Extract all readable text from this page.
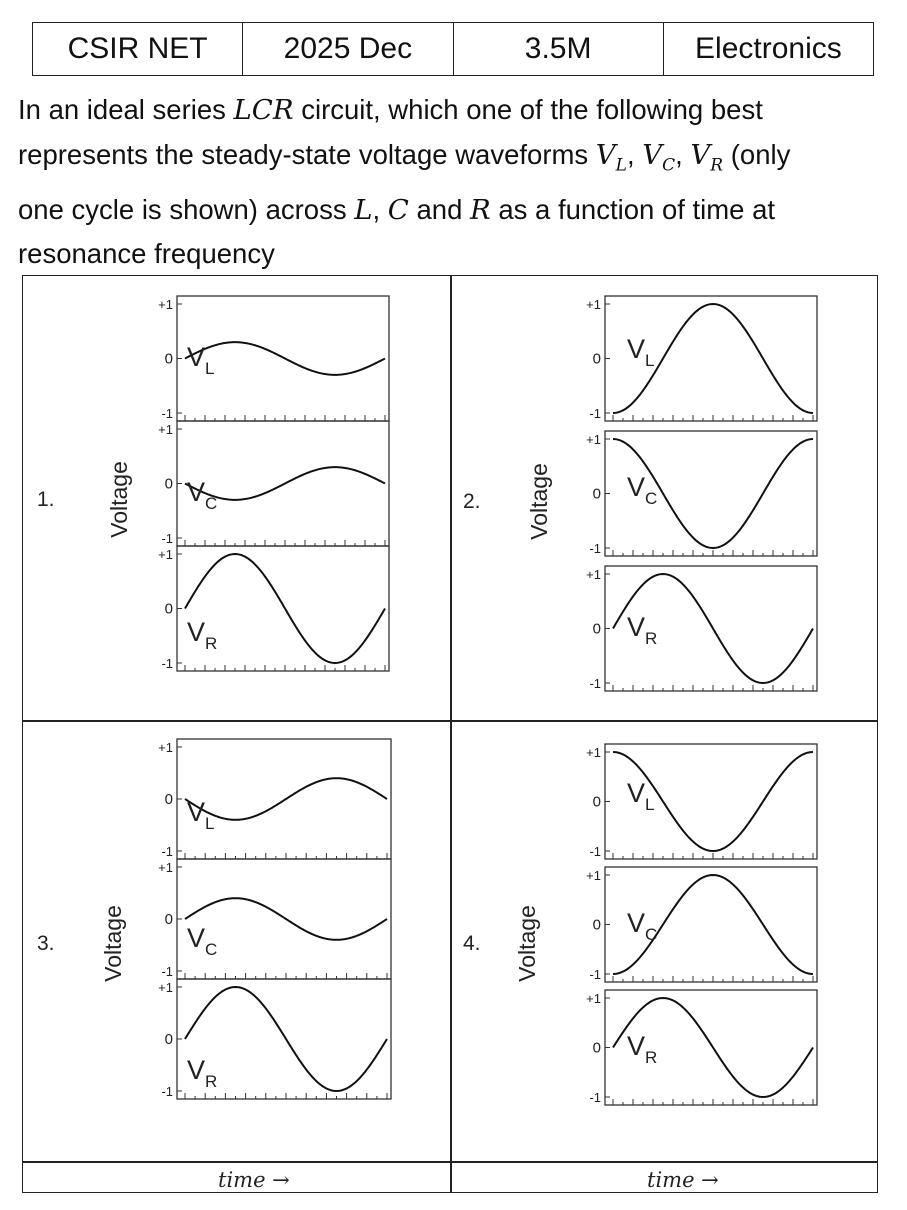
CSIR NET	2025 Dec	3.5M	Electronics
In an ideal series LCR circuit, which one of the following best
represents the steady-state voltage waveforms $V_L$, $V_C$, $V_R$ (only
one cycle is shown) across L, C and R as a function of time at
resonance frequency
1. Voltage
+1
0
-1
V L
+1
0
-1
V C
+1
0
-1
V R
2. Voltage
+1
0
-1
V L
+1
0
-1
V C
+1
0
-1
V R
3. Voltage
+1
0
-1
V L
+1
0
-1
V C
+1
0
-1
V R
4. Voltage
+1
0
-1
V L
+1
0
-1
V C
+1
0
-1
V R
time →	time →
